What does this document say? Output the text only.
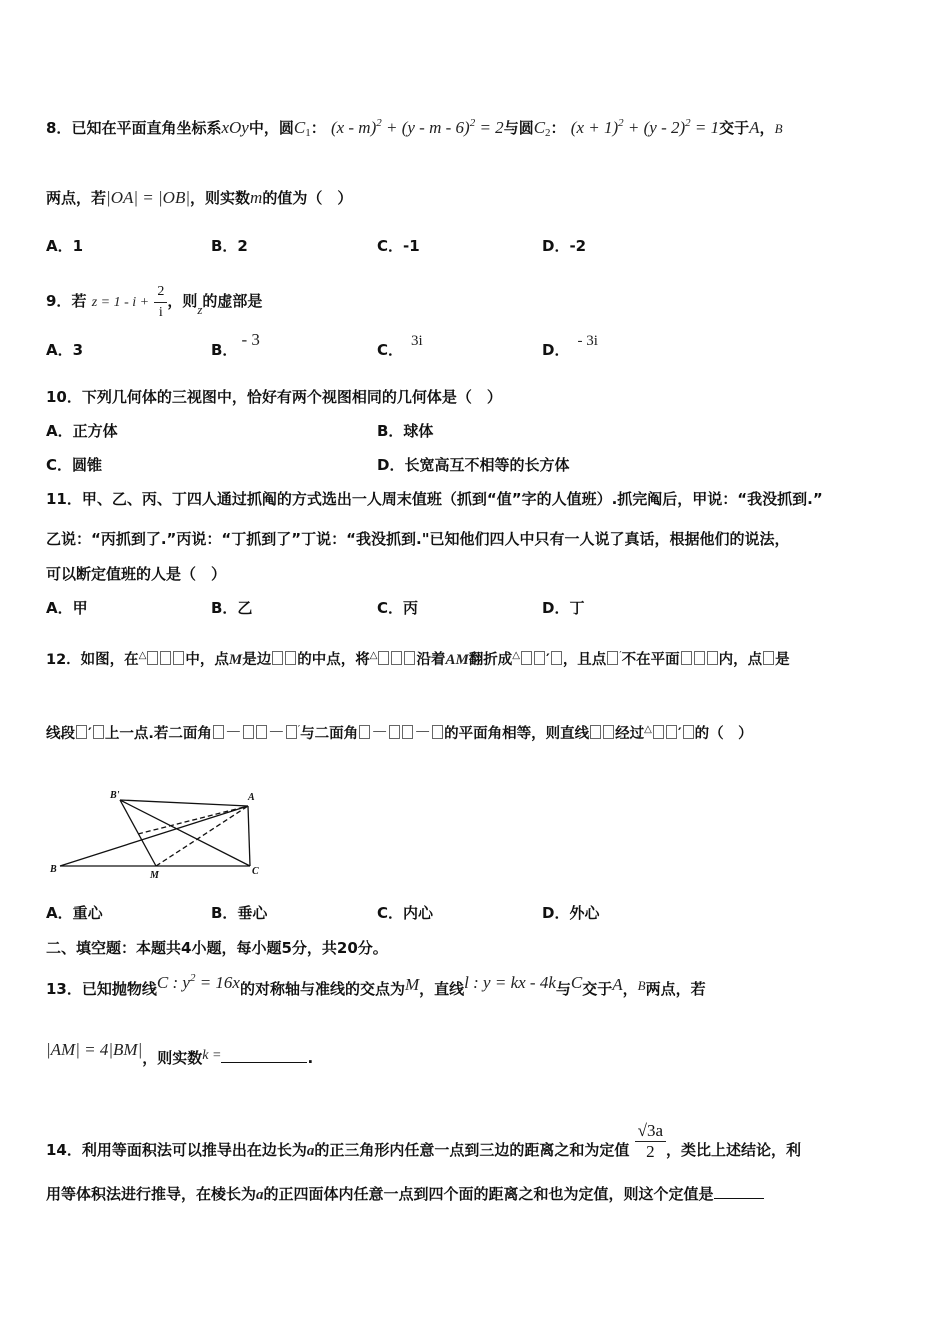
8．已知在平面直角坐标系xOy中，圆$C_1$： (x - m)$^2$ + (y - m - 6)$^2$ = 2与圆$C_2$： $(x + 1)^2 + (y - 2)^2 = 1$交于A，B
两点，若|OA| = |OB|，则实数m的值为（　）
A．1	B．2	C．-1	D．-2
9．若 $z = 1 - i + \frac{2}{i}$ ，则z的虚部是
A．3	B．- 3
C． 3i	D． - 3i
10．下列几何体的三视图中，恰好有两个视图相同的几何体是（　）
A．正方体	B．球体
C．圆锥	D．长宽高互不相等的长方体
11．甲、乙、丙、丁四人通过抓阄的方式选出一人周末值班（抓到“值”字的人值班）.抓完阄后，甲说：“我没抓到.”
乙说：“丙抓到了.”丙说：“丁抓到了”丁说：“我没抓到."已知他们四人中只有一人说了真话，根据他们的说法，
可以断定值班的人是（　）
A．甲	B．乙	C．丙	D．丁
12．如图，在△	中，点M是边 的中点，将△	沿着AM翻折成△ ′ ，且点 ′不在平面	内，点 是
线段 ′ 上一点.若二面角 － － ′与二面角 － － 的平面角相等，则直线 经过△ ′ 的（　）
B'	A
B
M	C
A．重心	B．垂心	C．内心	D．外心
二、填空题：本题共4小题，每小题5分，共20分。
13．已知抛物线C : $y^2 = 16x$的对称轴与准线的交点为M，直线l : y = kx - 4k与C交于A，B两点，若
|AM| = 4|BM|，则实数k =	.
14．利用等面积法可以推导出在边长为a的正三角形内任意一点到三边的距离之和为定值 $\frac{√3a}{2}$ ，类比上述结论，利
用等体积法进行推导，在棱长为a的正四面体内任意一点到四个面的距离之和也为定值，则这个定值是
